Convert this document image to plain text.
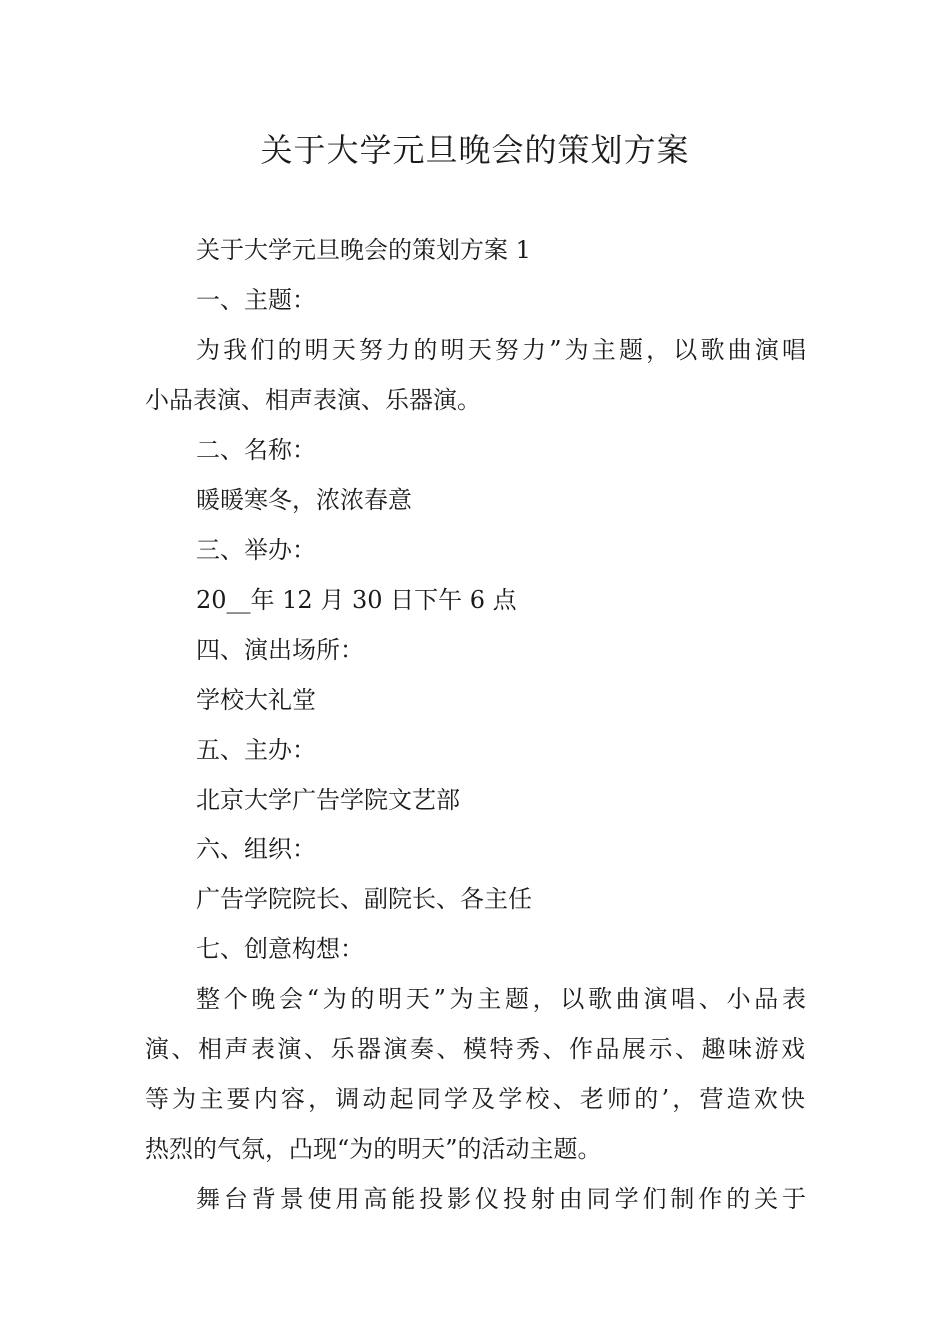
关于大学元旦晚会的策划方案

关于大学元旦晚会的策划方案 1

一、主题：

为我们的明天努力的明天努力”为主题，以歌曲演唱

小品表演、相声表演、乐器演。

二、名称：

暖暖寒冬，浓浓春意

三、举办：

20__年 12 月 30 日下午 6 点

四、演出场所：

学校大礼堂

五、主办：

北京大学广告学院文艺部

六、组织：

广告学院院长、副院长、各主任

七、创意构想：

整个晚会“为的明天”为主题，以歌曲演唱、小品表

演、相声表演、乐器演奏、模特秀、作品展示、趣味游戏

等为主要内容，调动起同学及学校、老师的’，营造欢快

热烈的气氛，凸现“为的明天”的活动主题。

舞台背景使用高能投影仪投射由同学们制作的关于
